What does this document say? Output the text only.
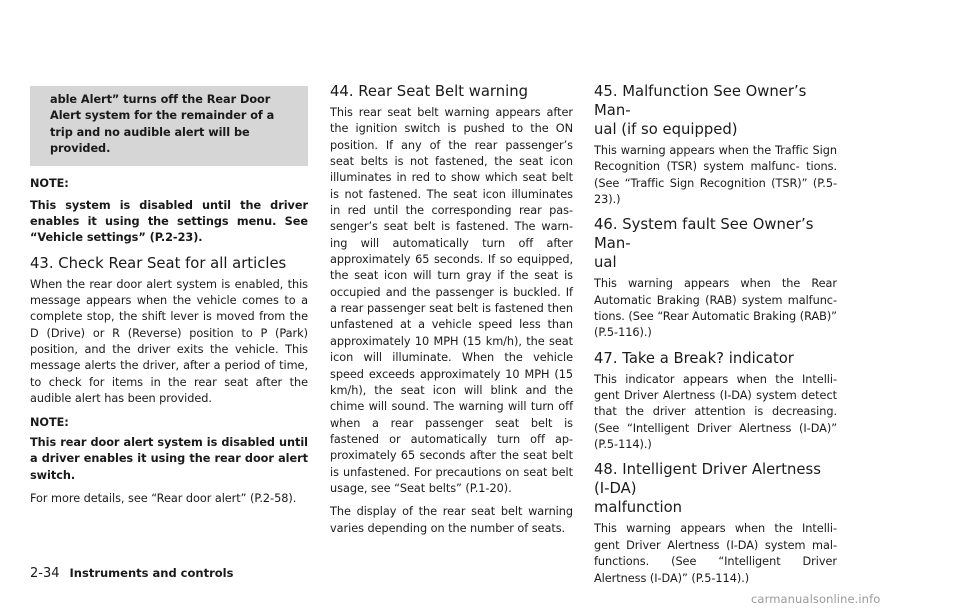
able Alert” turns off the Rear Door
Alert system for the remainder of a
trip and no audible alert will be
provided.

NOTE:

This system is disabled until the driver enables it using the settings menu. See “Vehicle settings” (P.2-23).

43. Check Rear Seat for all articles

When the rear door alert system is enabled, this message appears when the vehicle comes to a complete stop, the shift lever is moved from the D (Drive) or R (Reverse) position to P (Park) position, and the driver exits the vehicle. This message alerts the driver, after a period of time, to check for items in the rear seat after the audible alert has been provided.

NOTE:

This rear door alert system is disabled until a driver enables it using the rear door alert switch.

For more details, see “Rear door alert” (P.2-58).

44. Rear Seat Belt warning

This rear seat belt warning appears after the ignition switch is pushed to the ON position. If any of the rear passenger’s seat belts is not fastened, the seat icon illuminates in red to show which seat belt is not fastened. The seat icon illuminates in red until the corresponding rear pas- senger’s seat belt is fastened. The warn- ing will automatically turn off after approximately 65 seconds. If so equipped, the seat icon will turn gray if the seat is occupied and the passenger is buckled. If a rear passenger seat belt is fastened then unfastened at a vehicle speed less than approximately 10 MPH (15 km/h), the seat icon will illuminate. When the vehicle speed exceeds approximately 10 MPH (15 km/h), the seat icon will blink and the chime will sound. The warning will turn off when a rear passenger seat belt is fastened or automatically turn off ap- proximately 65 seconds after the seat belt is unfastened. For precautions on seat belt usage, see “Seat belts” (P.1-20).

The display of the rear seat belt warning varies depending on the number of seats.

45. Malfunction See Owner’s Man-
ual (if so equipped)

This warning appears when the Traffic Sign Recognition (TSR) system malfunc- tions. (See “Traffic Sign Recognition (TSR)” (P.5-23).)

46. System fault See Owner’s Man-
ual

This warning appears when the Rear Automatic Braking (RAB) system malfunc- tions. (See “Rear Automatic Braking (RAB)” (P.5-116).)

47. Take a Break? indicator

This indicator appears when the Intelli- gent Driver Alertness (I-DA) system detect that the driver attention is decreasing. (See “Intelligent Driver Alertness (I-DA)” (P.5-114).)

48. Intelligent Driver Alertness (I-DA)
malfunction

This warning appears when the Intelli- gent Driver Alertness (I-DA) system mal- functions. (See “Intelligent Driver Alertness (I-DA)” (P.5-114).)

2-34 Instruments and controls
carmanualsonline.info
